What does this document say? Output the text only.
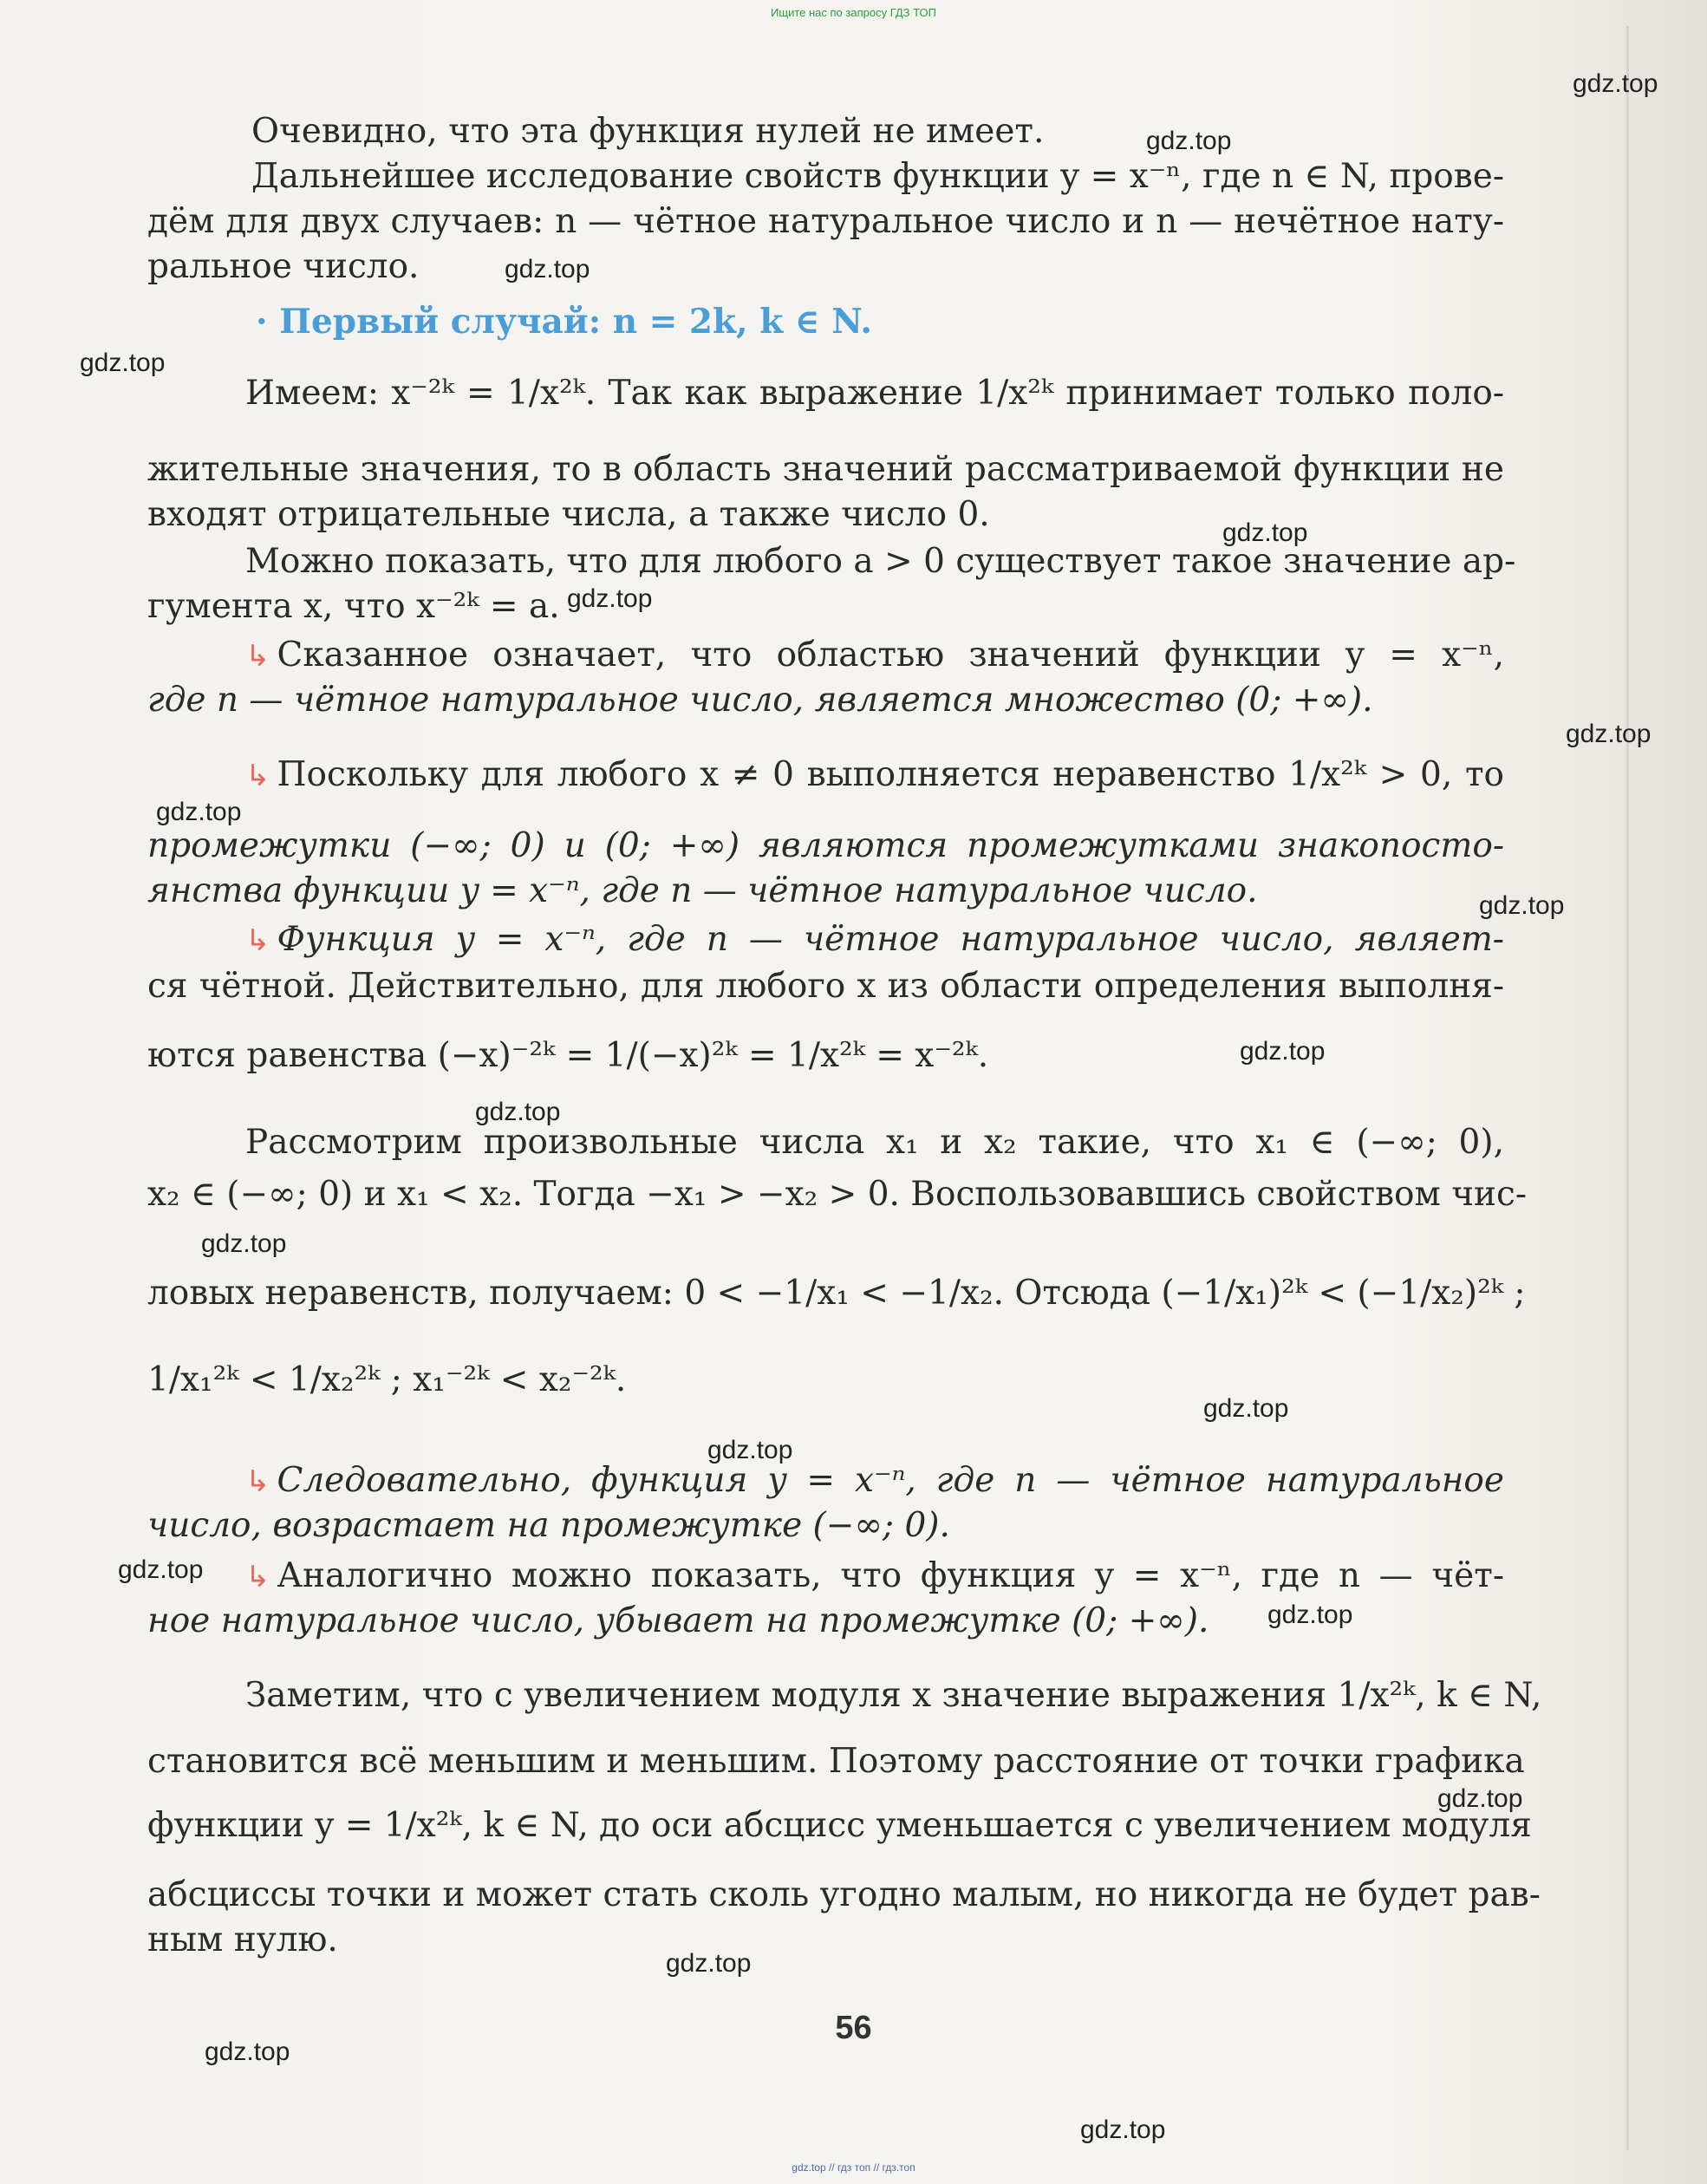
Ищите нас по запросу ГДЗ ТОП
Очевидно, что эта функция нулей не имеет.
Дальнейшее исследование свойств функции y = x⁻ⁿ, где n ∈ N, прове-
дём для двух случаев: n — чётное натуральное число и n — нечётное нату-
ральное число.
· Первый случай: n = 2k, k ∈ N.
Имеем: x⁻²ᵏ = 1/x²ᵏ. Так как выражение 1/x²ᵏ принимает только поло-
жительные значения, то в область значений рассматриваемой функции не
входят отрицательные числа, а также число 0.
Можно показать, что для любого a > 0 существует такое значение ар-
гумента x, что x⁻²ᵏ = a.
↳ Сказанное означает, что областью значений функции y = x⁻ⁿ,
где n — чётное натуральное число, является множество (0; +∞).
↳ Поскольку для любого x ≠ 0 выполняется неравенство 1/x²ᵏ > 0, то
промежутки (−∞; 0) и (0; +∞) являются промежутками знакопосто-
янства функции y = x⁻ⁿ, где n — чётное натуральное число.
↳ Функция y = x⁻ⁿ, где n — чётное натуральное число, являет-
ся чётной. Действительно, для любого x из области определения выполня-
ются равенства (−x)⁻²ᵏ = 1/(−x)²ᵏ = 1/x²ᵏ = x⁻²ᵏ.
Рассмотрим произвольные числа x₁ и x₂ такие, что x₁ ∈ (−∞; 0),
x₂ ∈ (−∞; 0) и x₁ < x₂. Тогда −x₁ > −x₂ > 0. Воспользовавшись свойством чис-
ловых неравенств, получаем: 0 < −1/x₁ < −1/x₂. Отсюда (−1/x₁)²ᵏ < (−1/x₂)²ᵏ ;
1/x₁²ᵏ < 1/x₂²ᵏ ; x₁⁻²ᵏ < x₂⁻²ᵏ.
↳ Следовательно, функция y = x⁻ⁿ, где n — чётное натуральное
число, возрастает на промежутке (−∞; 0).
↳ Аналогично можно показать, что функция y = x⁻ⁿ, где n — чёт-
ное натуральное число, убывает на промежутке (0; +∞).
Заметим, что с увеличением модуля x значение выражения 1/x²ᵏ, k ∈ N,
становится всё меньшим и меньшим. Поэтому расстояние от точки графика
функции y = 1/x²ᵏ, k ∈ N, до оси абсцисс уменьшается с увеличением модуля
абсциссы точки и может стать сколь угодно малым, но никогда не будет рав-
ным нулю.
56
gdz.top
gdz.top
gdz.top
gdz.top
gdz.top
gdz.top
gdz.top
gdz.top
gdz.top
gdz.top
gdz.top
gdz.top
gdz.top
gdz.top
gdz.top
gdz.top
gdz.top
gdz.top
gdz.top
gdz.top
gdz.top // гдз топ // гдз.топ
